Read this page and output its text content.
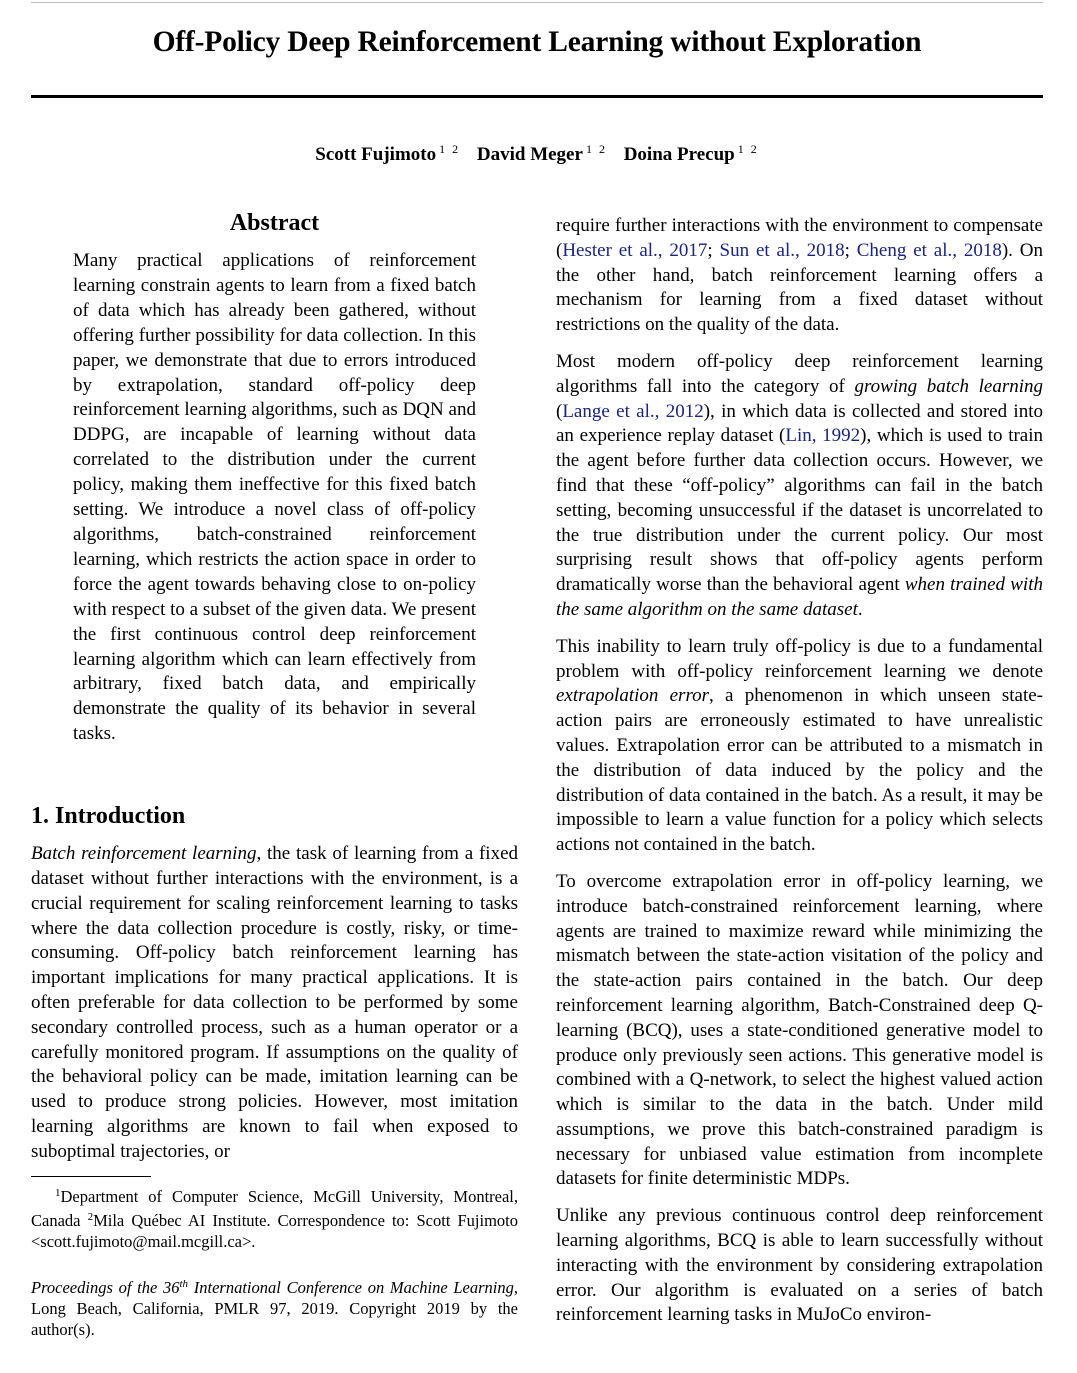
Off-Policy Deep Reinforcement Learning without Exploration
Scott Fujimoto $^{1 2}$ David Meger $^{1 2}$ Doina Precup $^{1 2}$
Abstract

Many practical applications of reinforcement learning constrain agents to learn from a fixed batch of data which has already been gathered, without offering further possibility for data collection. In this paper, we demonstrate that due to errors introduced by extrapolation, standard off-policy deep reinforcement learning algorithms, such as DQN and DDPG, are incapable of learning without data correlated to the distribution under the current policy, making them ineffective for this fixed batch setting. We introduce a novel class of off-policy algorithms, batch-constrained reinforcement learning, which restricts the action space in order to force the agent towards behaving close to on-policy with respect to a subset of the given data. We present the first continuous control deep reinforcement learning algorithm which can learn effectively from arbitrary, fixed batch data, and empirically demonstrate the quality of its behavior in several tasks.

1. Introduction

Batch reinforcement learning, the task of learning from a fixed dataset without further interactions with the environment, is a crucial requirement for scaling reinforcement learning to tasks where the data collection procedure is costly, risky, or time-consuming. Off-policy batch reinforcement learning has important implications for many practical applications. It is often preferable for data collection to be performed by some secondary controlled process, such as a human operator or a carefully monitored program. If assumptions on the quality of the behavioral policy can be made, imitation learning can be used to produce strong policies. However, most imitation learning algorithms are known to fail when exposed to suboptimal trajectories, or

$^1$Department of Computer Science, McGill University, Montreal, Canada $^2$Mila Québec AI Institute. Correspondence to: Scott Fujimoto <scott.fujimoto@mail.mcgill.ca>.

Proceedings of the 36th International Conference on Machine Learning, Long Beach, California, PMLR 97, 2019. Copyright 2019 by the author(s).

require further interactions with the environment to compensate (Hester et al., 2017; Sun et al., 2018; Cheng et al., 2018). On the other hand, batch reinforcement learning offers a mechanism for learning from a fixed dataset without restrictions on the quality of the data.

Most modern off-policy deep reinforcement learning algorithms fall into the category of growing batch learning (Lange et al., 2012), in which data is collected and stored into an experience replay dataset (Lin, 1992), which is used to train the agent before further data collection occurs. However, we find that these “off-policy” algorithms can fail in the batch setting, becoming unsuccessful if the dataset is uncorrelated to the true distribution under the current policy. Our most surprising result shows that off-policy agents perform dramatically worse than the behavioral agent when trained with the same algorithm on the same dataset.

This inability to learn truly off-policy is due to a fundamental problem with off-policy reinforcement learning we denote extrapolation error, a phenomenon in which unseen state-action pairs are erroneously estimated to have unrealistic values. Extrapolation error can be attributed to a mismatch in the distribution of data induced by the policy and the distribution of data contained in the batch. As a result, it may be impossible to learn a value function for a policy which selects actions not contained in the batch.

To overcome extrapolation error in off-policy learning, we introduce batch-constrained reinforcement learning, where agents are trained to maximize reward while minimizing the mismatch between the state-action visitation of the policy and the state-action pairs contained in the batch. Our deep reinforcement learning algorithm, Batch-Constrained deep Q-learning (BCQ), uses a state-conditioned generative model to produce only previously seen actions. This generative model is combined with a Q-network, to select the highest valued action which is similar to the data in the batch. Under mild assumptions, we prove this batch-constrained paradigm is necessary for unbiased value estimation from incomplete datasets for finite deterministic MDPs.

Unlike any previous continuous control deep reinforcement learning algorithms, BCQ is able to learn successfully without interacting with the environment by considering extrapolation error. Our algorithm is evaluated on a series of batch reinforcement learning tasks in MuJoCo environ-
